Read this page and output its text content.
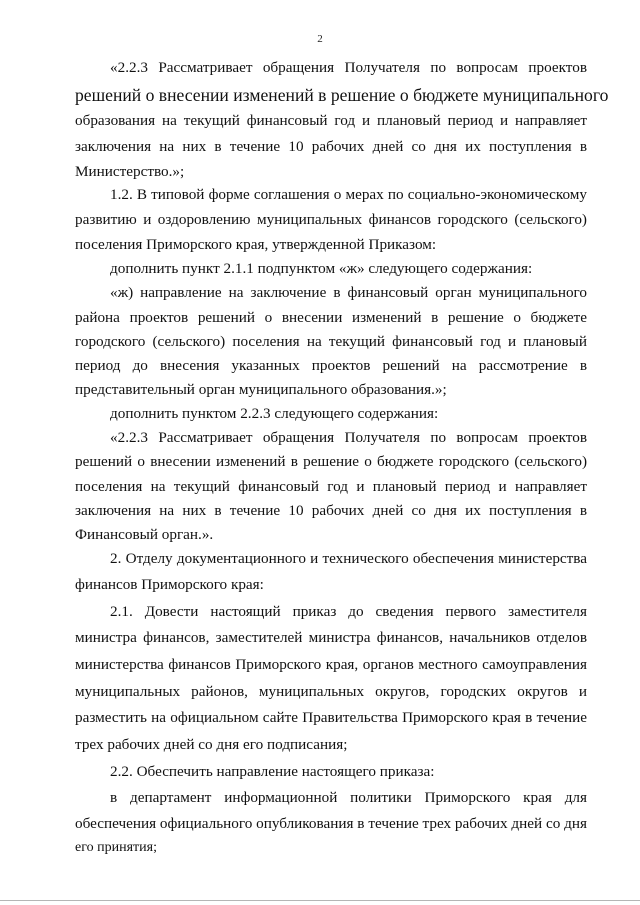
2

«2.2.3 Рассматривает обращения Получателя по вопросам проектов

решений о внесении изменений в решение о бюджете муниципального

образования на текущий финансовый год и плановый период и направляет

заключения на них в течение 10 рабочих дней со дня их поступления в

Министерство.»;

1.2. В типовой форме соглашения о мерах по социально-экономическому

развитию и оздоровлению муниципальных финансов городского (сельского)

поселения Приморского края, утвержденной Приказом:

дополнить пункт 2.1.1 подпунктом «ж» следующего содержания:

«ж) направление на заключение в финансовый орган муниципального

района проектов решений о внесении изменений в решение о бюджете

городского (сельского) поселения на текущий финансовый год и плановый

период до внесения указанных проектов решений на рассмотрение в

представительный орган муниципального образования.»;

дополнить пунктом 2.2.3 следующего содержания:

«2.2.3 Рассматривает обращения Получателя по вопросам проектов

решений о внесении изменений в решение о бюджете городского (сельского)

поселения на текущий финансовый год и плановый период и направляет

заключения на них в течение 10 рабочих дней со дня их поступления в

Финансовый орган.».

2. Отделу документационного и технического обеспечения министерства

финансов Приморского края:

2.1. Довести настоящий приказ до сведения первого заместителя

министра финансов, заместителей министра финансов, начальников отделов

министерства финансов Приморского края, органов местного самоуправления

муниципальных районов, муниципальных округов, городских округов и

разместить на официальном сайте Правительства Приморского края в течение

трех рабочих дней со дня его подписания;

2.2. Обеспечить направление настоящего приказа:

в департамент информационной политики Приморского края для

обеспечения официального опубликования в течение трех рабочих дней со дня

его принятия;
